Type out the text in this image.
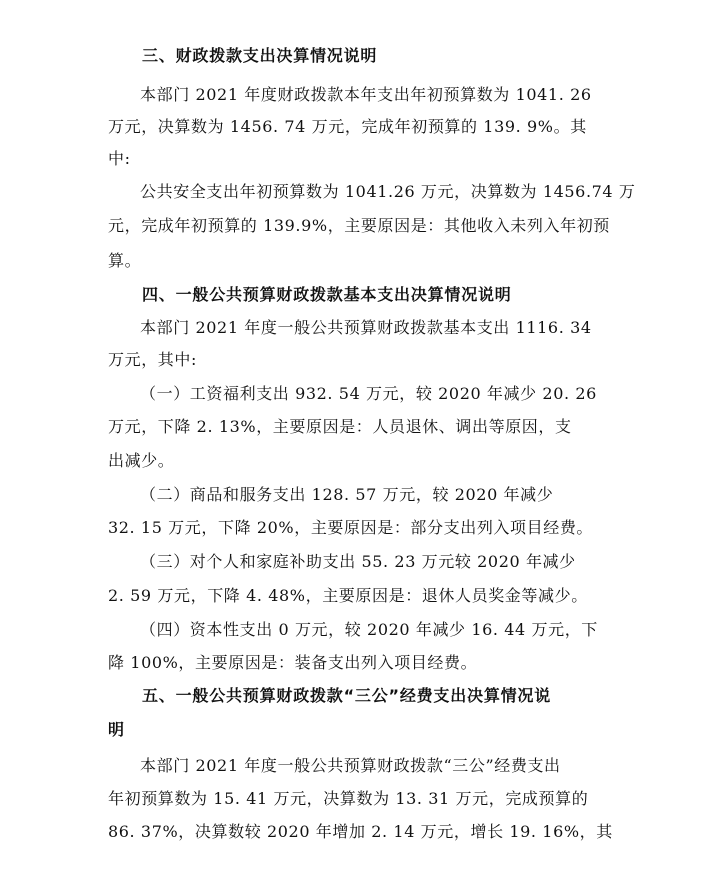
三、财政拨款支出决算情况说明
本部门 2021 年度财政拨款本年支出年初预算数为 1041. 26
万元，决算数为 1456. 74 万元，完成年初预算的 139. 9%。其
中:
公共安全支出年初预算数为 1041.26 万元，决算数为 1456.74 万
元，完成年初预算的 139.9%，主要原因是：其他收入未列入年初预
算。
四、一般公共预算财政拨款基本支出决算情况说明
本部门 2021 年度一般公共预算财政拨款基本支出 1116. 34
万元，其中:
（一）工资福利支出 932. 54 万元，较 2020 年减少 20. 26
万元，下降 2. 13%，主要原因是：人员退休、调出等原因，支
出减少。
（二）商品和服务支出 128. 57 万元，较 2020 年减少
32. 15 万元，下降 20%，主要原因是：部分支出列入项目经费。
（三）对个人和家庭补助支出 55. 23 万元较 2020 年减少
2. 59 万元，下降 4. 48%，主要原因是：退休人员奖金等减少。
（四）资本性支出 0 万元，较 2020 年减少 16. 44 万元，下
降 100%，主要原因是：装备支出列入项目经费。
五、一般公共预算财政拨款“三公”经费支出决算情况说
明
本部门 2021 年度一般公共预算财政拨款“三公”经费支出
年初预算数为 15. 41 万元，决算数为 13. 31 万元，完成预算的
86. 37%，决算数较 2020 年增加 2. 14 万元，增长 19. 16%，其
